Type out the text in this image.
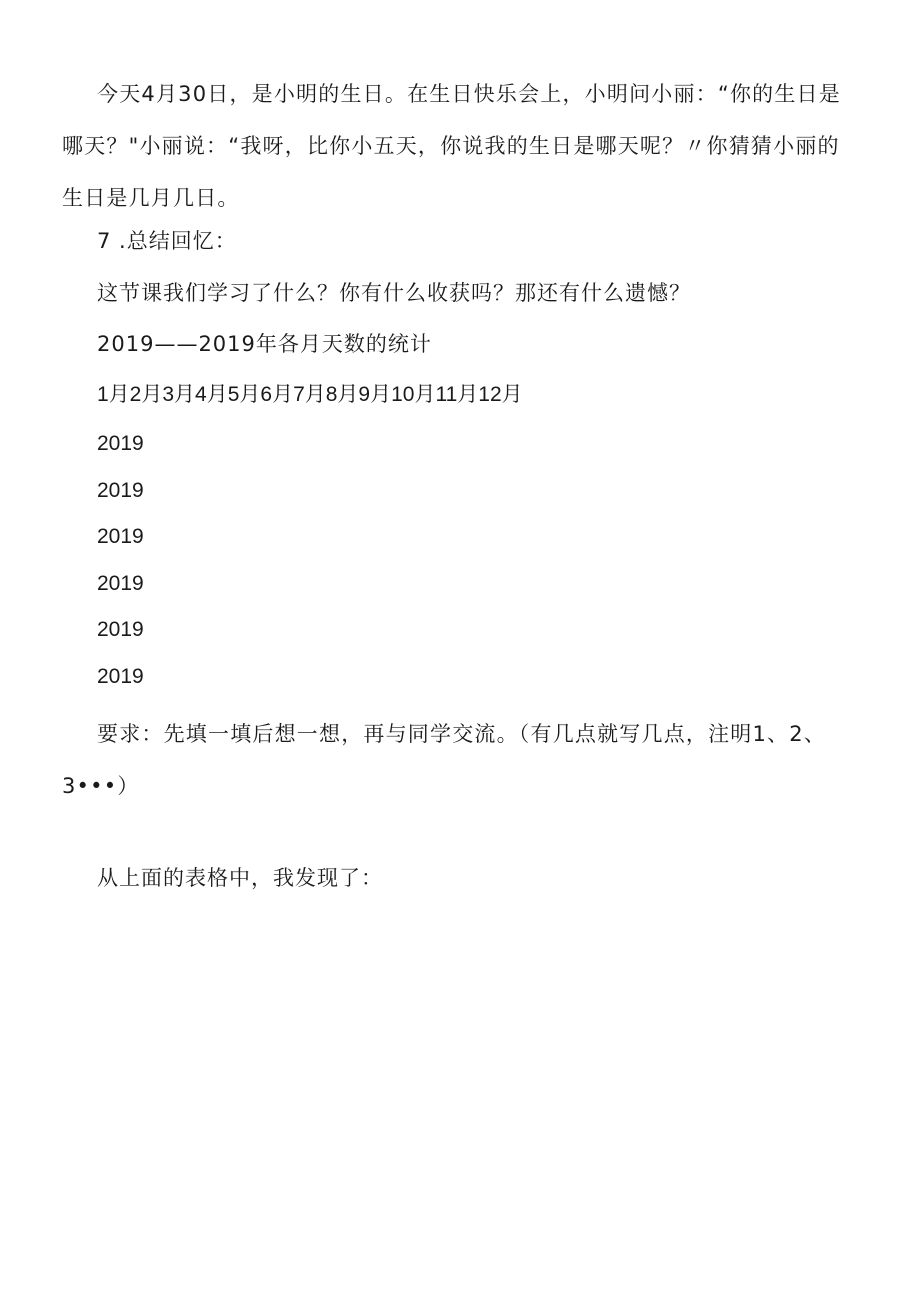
今天4月30日，是小明的生日。在生日快乐会上，小明问小丽：“你的生日是哪天？"小丽说：“我呀，比你小五天，你说我的生日是哪天呢？〃你猜猜小丽的生日是几月几日。
7 .总结回忆：
这节课我们学习了什么？你有什么收获吗？那还有什么遗憾？
2019——2019年各月天数的统计
1月2月3月4月5月6月7月8月9月10月11月12月
2019
2019
2019
2019
2019
2019
要求：先填一填后想一想，再与同学交流。（有几点就写几点，注明1、2、3•••）
从上面的表格中，我发现了：
